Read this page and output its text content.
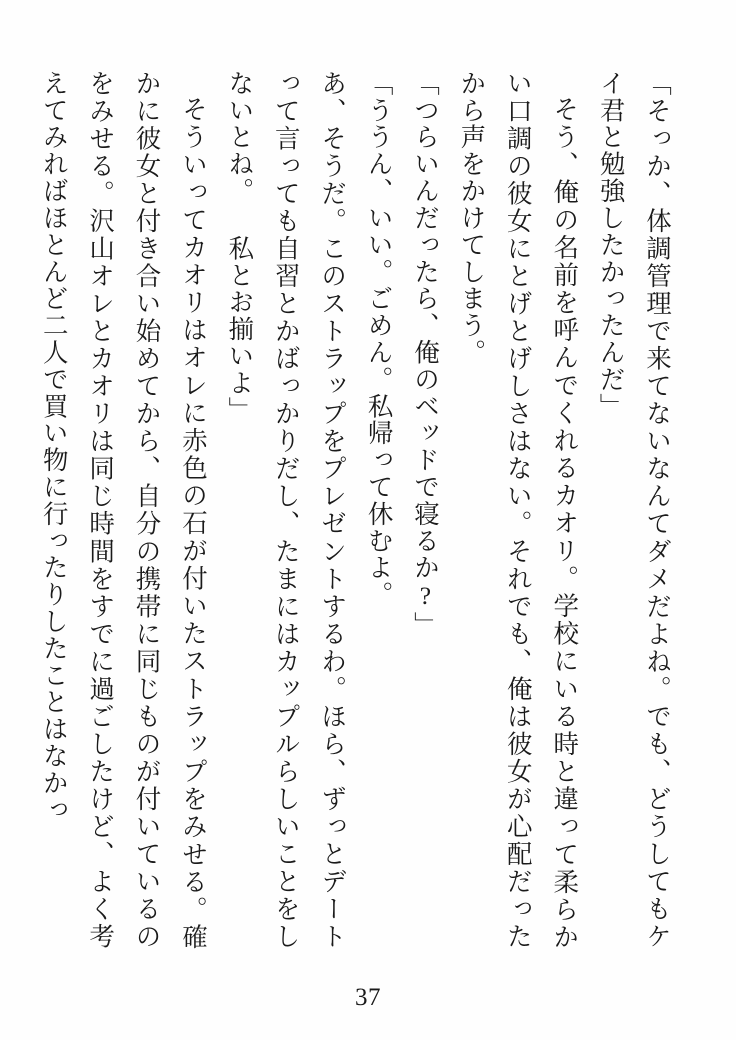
「そっか、体調管理で来てないなんてダメだよね。でも、どうしてもケイ君と勉強したかったんだ」

そう、俺の名前を呼んでくれるカオリ。学校にいる時と違って柔らかい口調の彼女にとげとげしさはない。それでも、俺は彼女が心配だったから声をかけてしまう。

「つらいんだったら、俺のベッドで寝るか?」

「ううん、いい。ごめん。私帰って休むよ。

あ、そうだ。このストラップをプレゼントするわ。ほら、ずっとデートって言っても自習とかばっかりだし、たまにはカップルらしいことをしないとね。 私とお揃いよ」

そういってカオリはオレに赤色の石が付いたストラップをみせる。確かに彼女と付き合い始めてから、自分の携帯に同じものが付いているのをみせる。沢山オレとカオリは同じ時間をすでに過ごしたけど、よく考えてみればほとんど二人で買い物に行ったりしたことはなかっ

37
